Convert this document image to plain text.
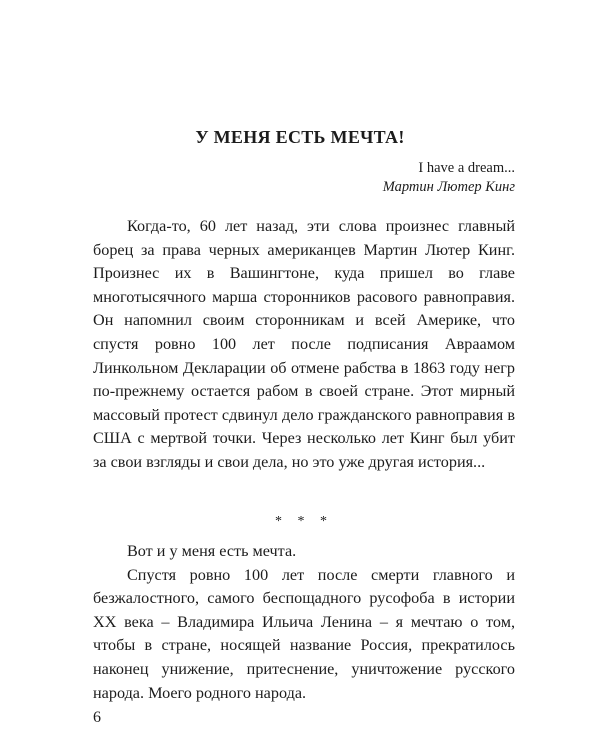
У МЕНЯ ЕСТЬ МЕЧТА!
I have a dream...
Мартин Лютер Кинг

Когда-то, 60 лет назад, эти слова произнес главный борец за права черных американцев Мартин Лютер Кинг. Произнес их в Вашингтоне, куда пришел во главе многотысячного марша сторонников расового равноправия. Он напомнил своим сторонникам и всей Америке, что спустя ровно 100 лет после подписания Авраамом Линкольном Декларации об отмене рабства в 1863 году негр по-прежнему остается рабом в своей стране. Этот мирный массовый протест сдвинул дело гражданского равноправия в США с мертвой точки. Через несколько лет Кинг был убит за свои взгляды и свои дела, но это уже другая история...

* * *

Вот и у меня есть мечта.

Спустя ровно 100 лет после смерти главного и безжалостного, самого беспощадного русофоба в истории ХХ века – Владимира Ильича Ленина – я мечтаю о том, чтобы в стране, носящей название Россия, прекратилось наконец унижение, притеснение, уничтожение русского народа. Моего родного народа.

6
